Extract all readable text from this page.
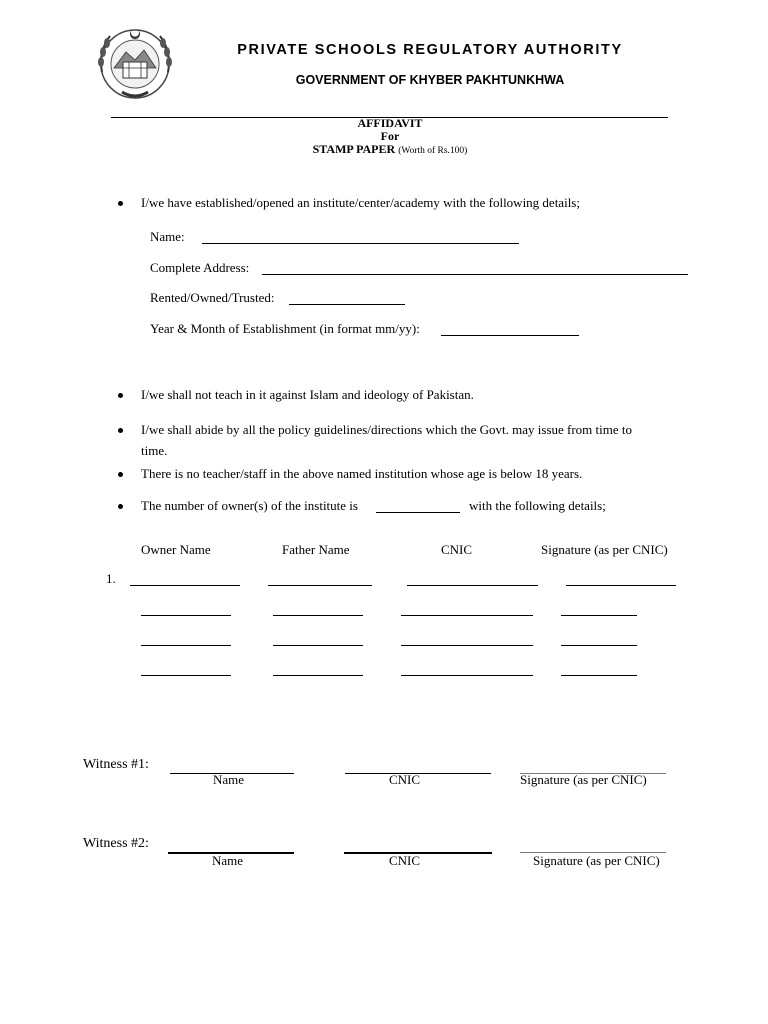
PRIVATE SCHOOLS REGULATORY AUTHORITY
GOVERNMENT OF KHYBER PAKHTUNKHWA
AFFIDAVIT
For
STAMP PAPER (Worth of Rs.100)
I/we have established/opened an institute/center/academy with the following details;
Name:
Complete Address:
Rented/Owned/Trusted:
Year & Month of Establishment (in format mm/yy):
I/we shall not teach in it against Islam and ideology of Pakistan.
I/we shall abide by all the policy guidelines/directions which the Govt. may issue from time to
time.
There is no teacher/staff in the above named institution whose age is below 18 years.
The number of owner(s) of the institute is	with the following details;
Owner Name	Father Name	CNIC	Signature (as per CNIC)
1.
Witness #1:
Name	CNIC	Signature (as per CNIC)
Witness #2:
Name	CNIC	Signature (as per CNIC)
